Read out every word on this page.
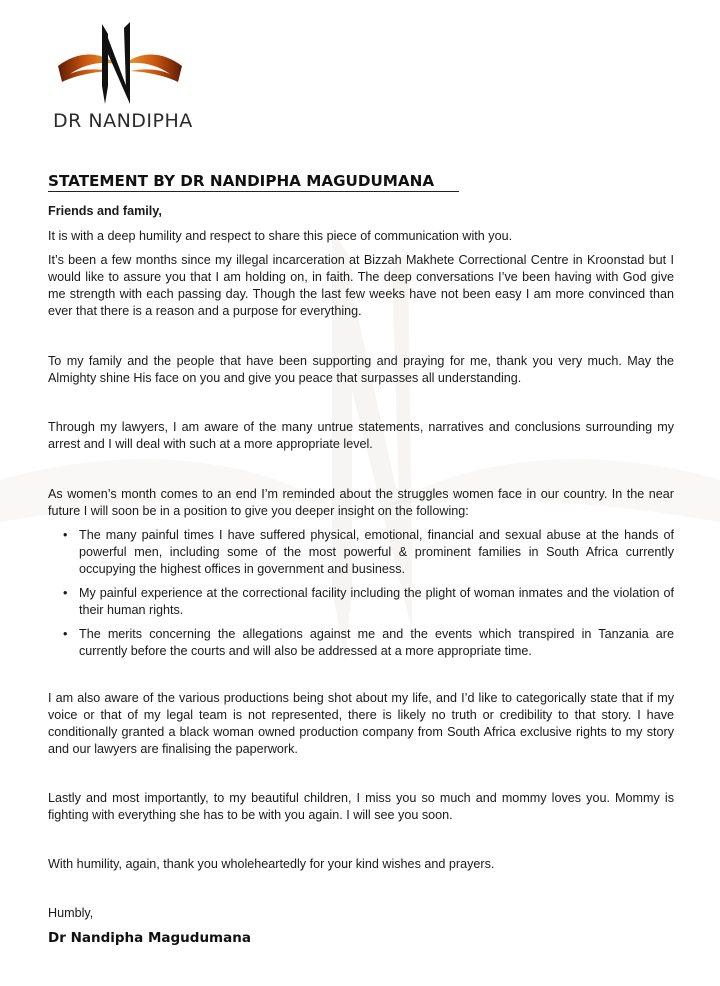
DR NANDIPHA
STATEMENT BY DR NANDIPHA MAGUDUMANA

Friends and family,

It is with a deep humility and respect to share this piece of communication with you.

It’s been a few months since my illegal incarceration at Bizzah Makhete Correctional Centre in Kroonstad but I would like to assure you that I am holding on, in faith. The deep conversations I’ve been having with God give me strength with each passing day. Though the last few weeks have not been easy I am more convinced than ever that there is a reason and a purpose for everything.

To my family and the people that have been supporting and praying for me, thank you very much. May the Almighty shine His face on you and give you peace that surpasses all understanding.

Through my lawyers, I am aware of the many untrue statements, narratives and conclusions surrounding my arrest and I will deal with such at a more appropriate level.

As women’s month comes to an end I’m reminded about the struggles women face in our country. In the near future I will soon be in a position to give you deeper insight on the following:

• The many painful times I have suffered physical, emotional, financial and sexual abuse at the hands of powerful men, including some of the most powerful & prominent families in South Africa currently occupying the highest offices in government and business.
• My painful experience at the correctional facility including the plight of woman inmates and the violation of their human rights.
• The merits concerning the allegations against me and the events which transpired in Tanzania are currently before the courts and will also be addressed at a more appropriate time.

I am also aware of the various productions being shot about my life, and I’d like to categorically state that if my voice or that of my legal team is not represented, there is likely no truth or credibility to that story. I have conditionally granted a black woman owned production company from South Africa exclusive rights to my story and our lawyers are finalising the paperwork.

Lastly and most importantly, to my beautiful children, I miss you so much and mommy loves you. Mommy is fighting with everything she has to be with you again. I will see you soon.

With humility, again, thank you wholeheartedly for your kind wishes and prayers.

Humbly,

Dr Nandipha Magudumana
